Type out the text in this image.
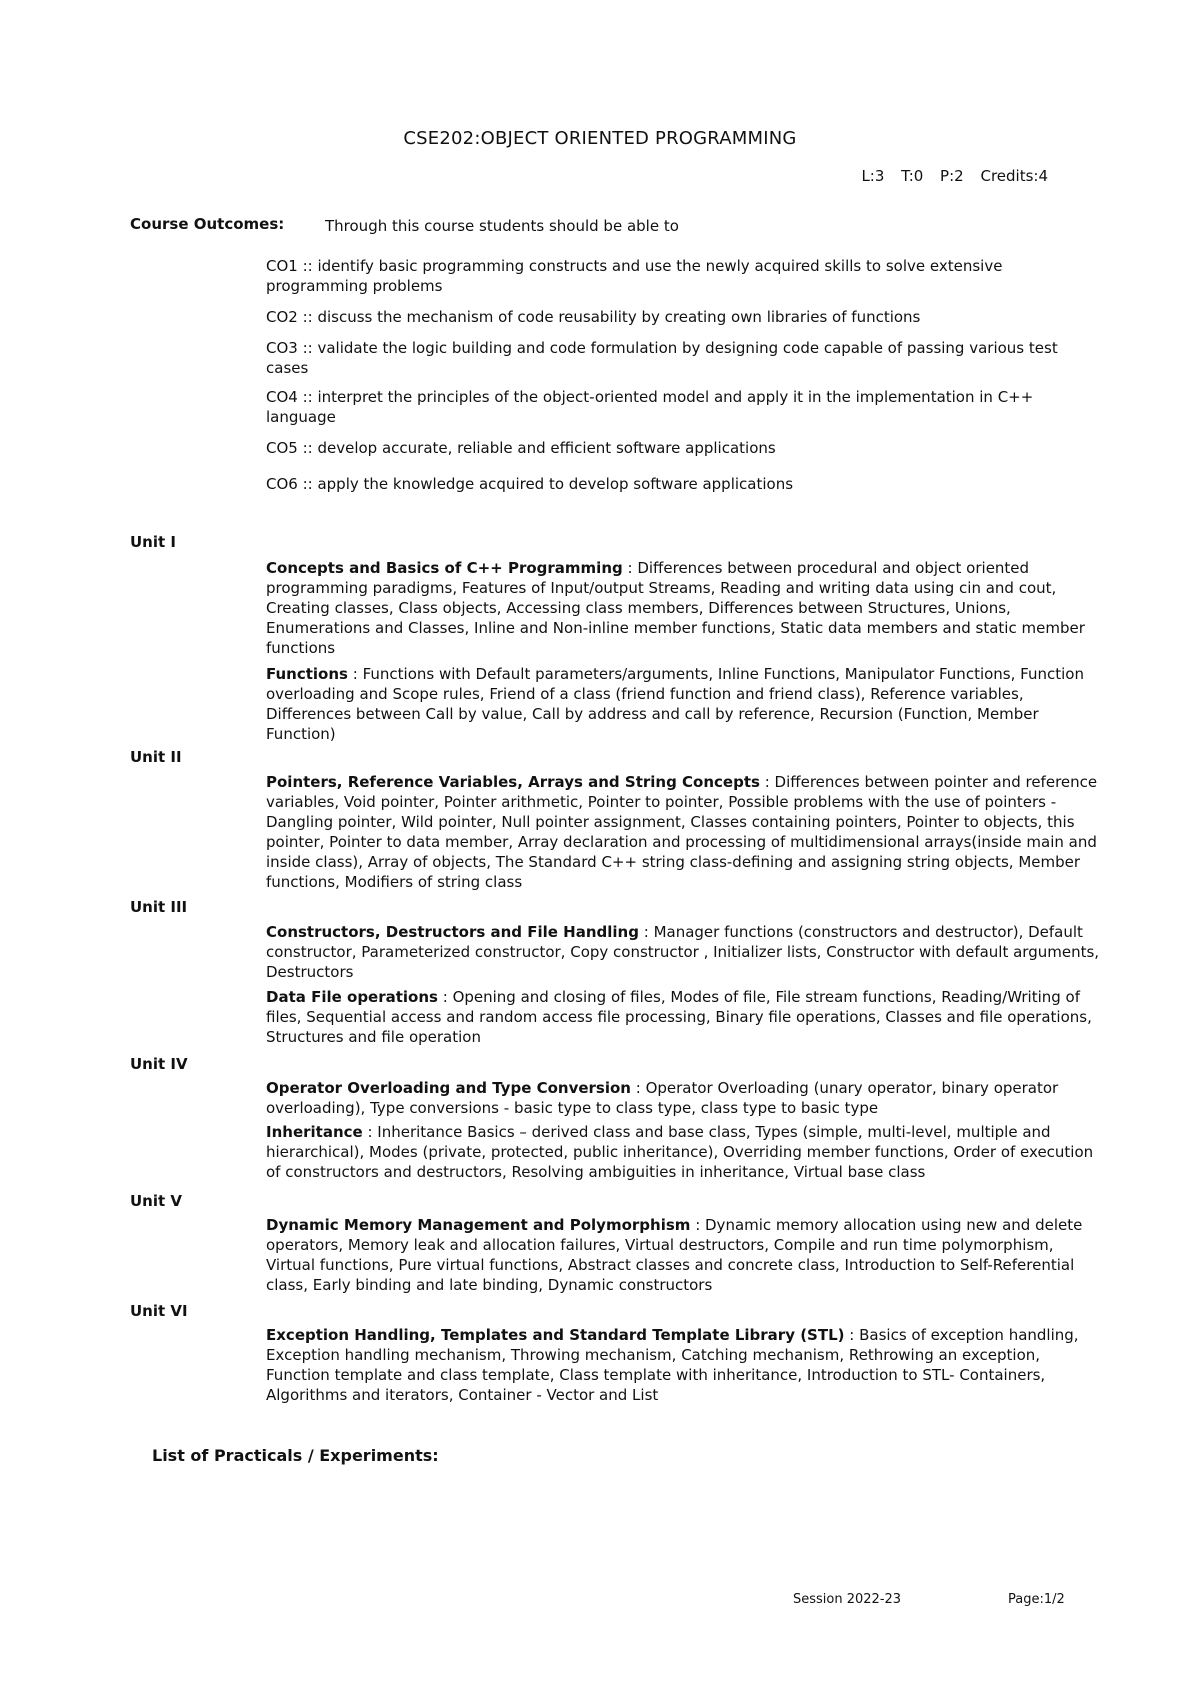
CSE202:OBJECT ORIENTED PROGRAMMING
L:3 T:0 P:2 Credits:4
Course Outcomes:	Through this course students should be able to

CO1 :: identify basic programming constructs and use the newly acquired skills to solve extensive programming problems

CO2 :: discuss the mechanism of code reusability by creating own libraries of functions

CO3 :: validate the logic building and code formulation by designing code capable of passing various test cases

CO4 :: interpret the principles of the object-oriented model and apply it in the implementation in C++ language

CO5 :: develop accurate, reliable and efficient software applications

CO6 :: apply the knowledge acquired to develop software applications

Unit I
Concepts and Basics of C++ Programming : Differences between procedural and object oriented programming paradigms, Features of Input/output Streams, Reading and writing data using cin and cout, Creating classes, Class objects, Accessing class members, Differences between Structures, Unions, Enumerations and Classes, Inline and Non-inline member functions, Static data members and static member functions
Functions : Functions with Default parameters/arguments, Inline Functions, Manipulator Functions, Function overloading and Scope rules, Friend of a class (friend function and friend class), Reference variables, Differences between Call by value, Call by address and call by reference, Recursion (Function, Member Function)
Unit II
Pointers, Reference Variables, Arrays and String Concepts : Differences between pointer and reference variables, Void pointer, Pointer arithmetic, Pointer to pointer, Possible problems with the use of pointers - Dangling pointer, Wild pointer, Null pointer assignment, Classes containing pointers, Pointer to objects, this pointer, Pointer to data member, Array declaration and processing of multidimensional arrays(inside main and inside class), Array of objects, The Standard C++ string class-defining and assigning string objects, Member functions, Modifiers of string class
Unit III
Constructors, Destructors and File Handling : Manager functions (constructors and destructor), Default constructor, Parameterized constructor, Copy constructor , Initializer lists, Constructor with default arguments, Destructors
Data File operations : Opening and closing of files, Modes of file, File stream functions, Reading/Writing of files, Sequential access and random access file processing, Binary file operations, Classes and file operations, Structures and file operation
Unit IV
Operator Overloading and Type Conversion : Operator Overloading (unary operator, binary operator overloading), Type conversions - basic type to class type, class type to basic type
Inheritance : Inheritance Basics – derived class and base class, Types (simple, multi-level, multiple and hierarchical), Modes (private, protected, public inheritance), Overriding member functions, Order of execution of constructors and destructors, Resolving ambiguities in inheritance, Virtual base class
Unit V
Dynamic Memory Management and Polymorphism : Dynamic memory allocation using new and delete operators, Memory leak and allocation failures, Virtual destructors, Compile and run time polymorphism, Virtual functions, Pure virtual functions, Abstract classes and concrete class, Introduction to Self-Referential class, Early binding and late binding, Dynamic constructors
Unit VI
Exception Handling, Templates and Standard Template Library (STL) : Basics of exception handling, Exception handling mechanism, Throwing mechanism, Catching mechanism, Rethrowing an exception, Function template and class template, Class template with inheritance, Introduction to STL- Containers, Algorithms and iterators, Container - Vector and List
List of Practicals / Experiments:
Session 2022-23	Page:1/2
